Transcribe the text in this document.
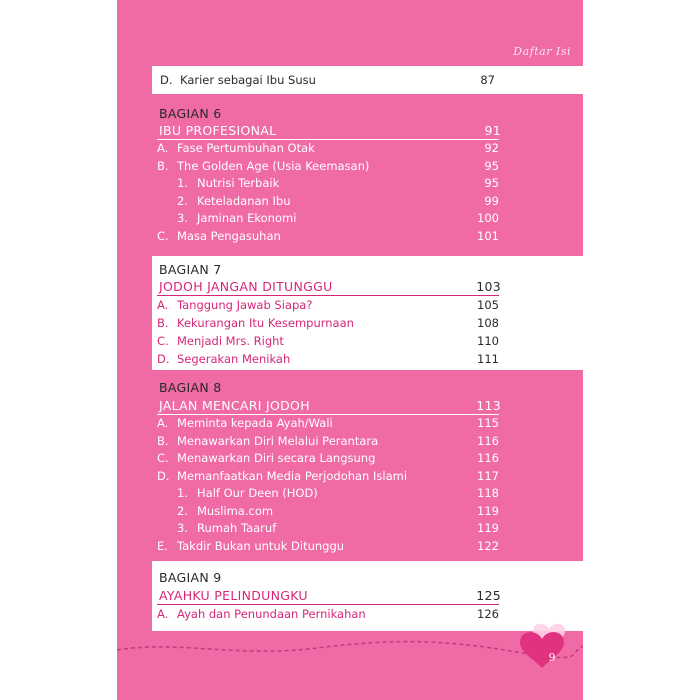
Daftar Isi
D. Karier sebagai Ibu Susu	87
BAGIAN 6
IBU PROFESIONAL	91
A. Fase Pertumbuhan Otak	92
B. The Golden Age (Usia Keemasan)	95
1. Nutrisi Terbaik	95
2. Keteladanan Ibu	99
3. Jaminan Ekonomi	100
C. Masa Pengasuhan	101
BAGIAN 7
JODOH JANGAN DITUNGGU	103
A. Tanggung Jawab Siapa?	105
B. Kekurangan Itu Kesempurnaan	108
C. Menjadi Mrs. Right	110
D. Segerakan Menikah	111
BAGIAN 8
JALAN MENCARI JODOH	113
A. Meminta kepada Ayah/Wali	115
B. Menawarkan Diri Melalui Perantara	116
C. Menawarkan Diri secara Langsung	116
D. Memanfaatkan Media Perjodohan Islami	117
1. Half Our Deen (HOD)	118
2. Muslima.com	119
3. Rumah Taaruf	119
E. Takdir Bukan untuk Ditunggu	122
BAGIAN 9
AYAHKU PELINDUNGKU	125
A. Ayah dan Penundaan Pernikahan	126
9
